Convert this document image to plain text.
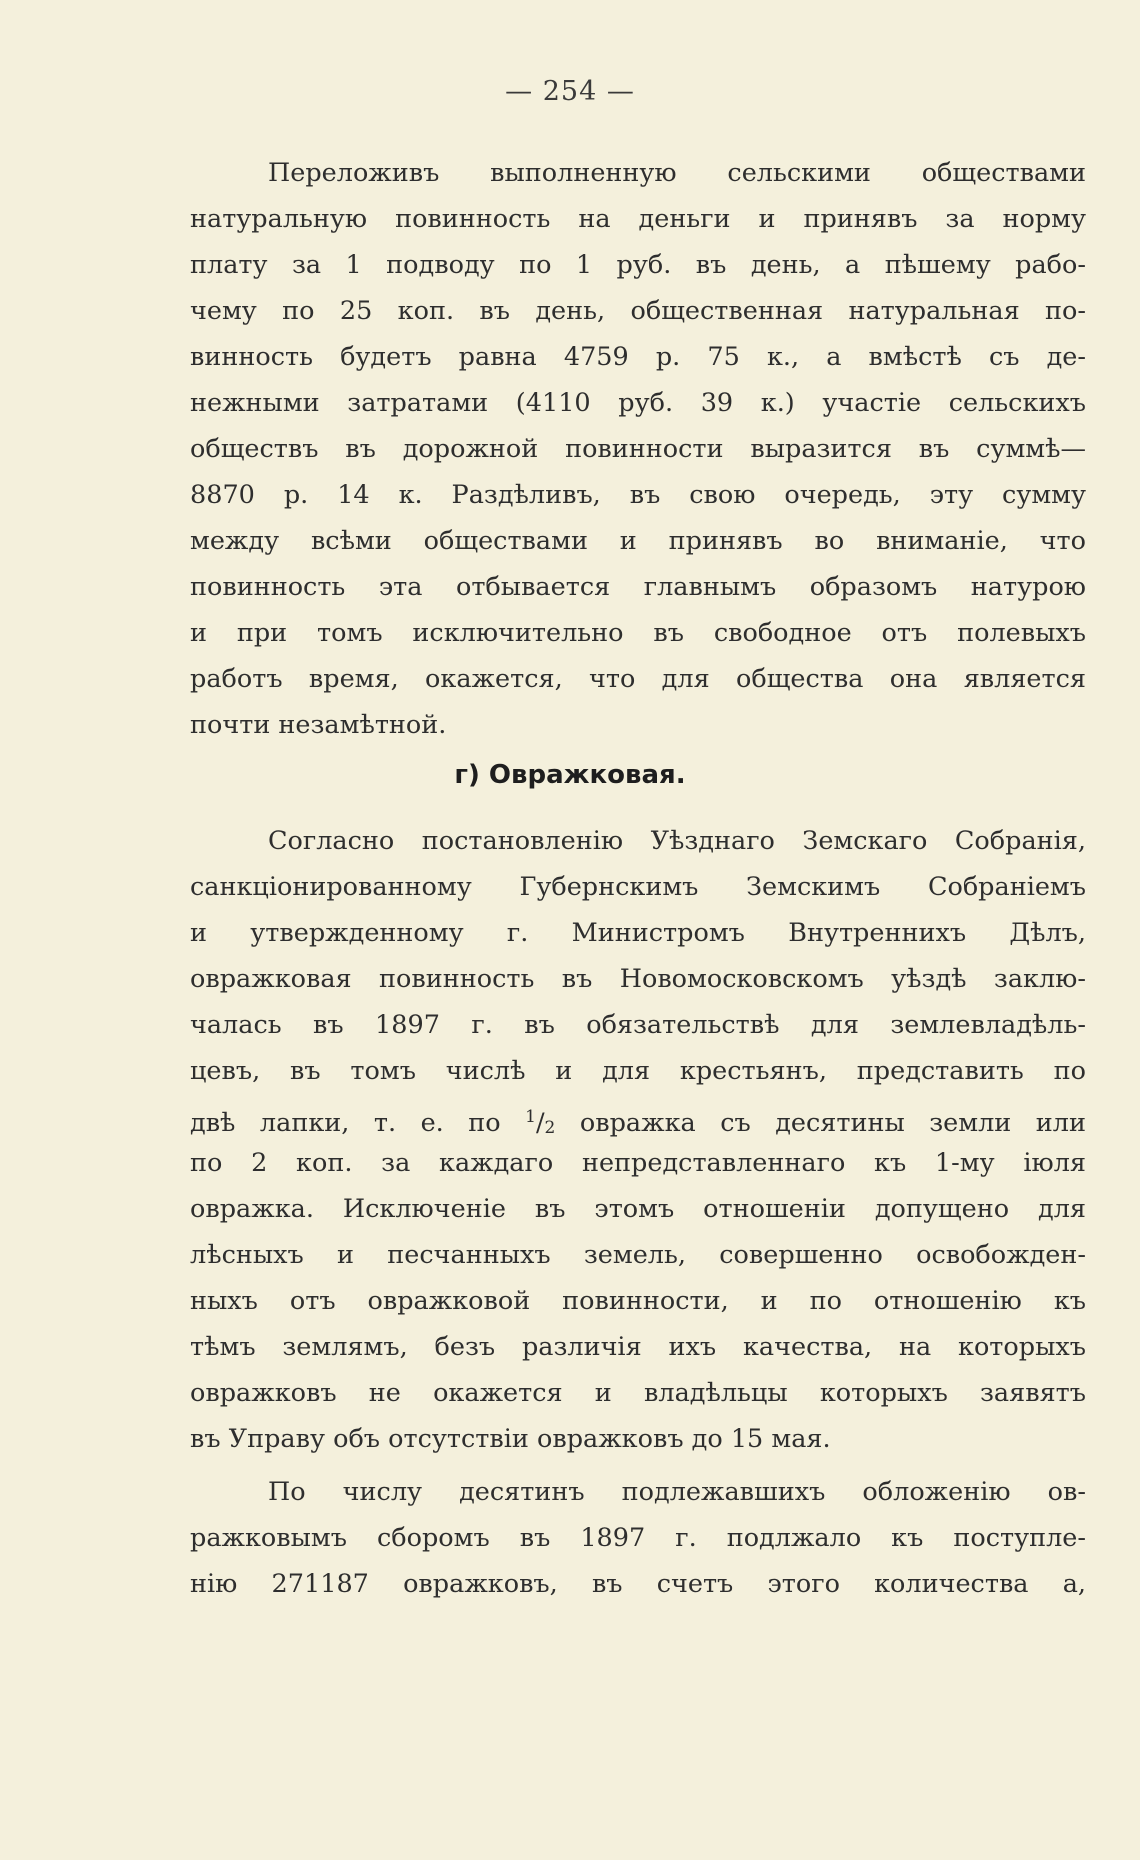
— 254 —
Переложивъ выполненную сельскими обществами
натуральную повинность на деньги и принявъ за норму
плату за 1 подводу по 1 руб. въ день, а пѣшему рабо-
чему по 25 коп. въ день, общественная натуральная по-
винность будетъ равна 4759 р. 75 к., а вмѣстѣ съ де-
нежными затратами (4110 руб. 39 к.) участіе сельскихъ
обществъ въ дорожной повинности выразится въ суммѣ—
8870 р. 14 к. Раздѣливъ, въ свою очередь, эту сумму
между всѣми обществами и принявъ во вниманіе, что
повинность эта отбывается главнымъ образомъ натурою
и при томъ исключительно въ свободное отъ полевыхъ
работъ время, окажется, что для общества она является
почти незамѣтной.
г) Овражковая.
Согласно постановленію Уѣзднаго Земскаго Собранія,
санкціонированному Губернскимъ Земскимъ Собраніемъ
и утвержденному г. Министромъ Внутреннихъ Дѣлъ,
овражковая повинность въ Новомосковскомъ уѣздѣ заклю-
чалась въ 1897 г. въ обязательствѣ для землевладѣль-
цевъ, въ томъ числѣ и для крестьянъ, представить по
двѣ лапки, т. е. по $^1/_2$ овражка съ десятины земли или
по 2 коп. за каждаго непредставленнаго къ 1-му іюля
овражка. Исключеніе въ этомъ отношеніи допущено для
лѣсныхъ и песчанныхъ земель, совершенно освобожден-
ныхъ отъ овражковой повинности, и по отношенію къ
тѣмъ землямъ, безъ различія ихъ качества, на которыхъ
овражковъ не окажется и владѣльцы которыхъ заявятъ
въ Управу объ отсутствіи овражковъ до 15 мая.
По числу десятинъ подлежавшихъ обложенію ов-
ражковымъ сборомъ въ 1897 г. подлжало къ поступле-
нію 271187 овражковъ, въ счетъ этого количества а,
